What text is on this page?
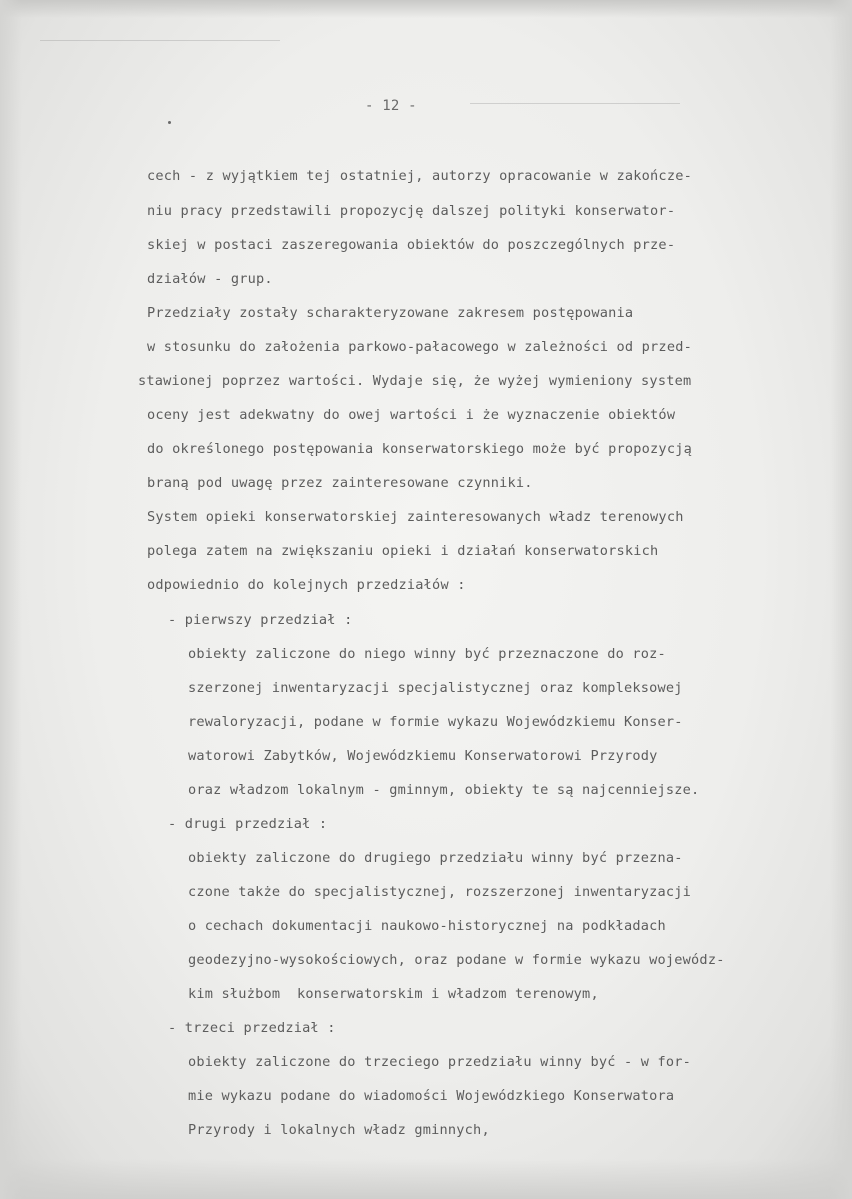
- 12 -
cech - z wyjątkiem tej ostatniej, autorzy opracowanie w zakończe-
niu pracy przedstawili propozycję dalszej polityki konserwator-
skiej w postaci zaszeregowania obiektów do poszczególnych prze-
działów - grup.
Przedziały zostały scharakteryzowane zakresem postępowania
w stosunku do założenia parkowo-pałacowego w zależności od przed-
stawionej poprzez wartości. Wydaje się, że wyżej wymieniony system
oceny jest adekwatny do owej wartości i że wyznaczenie obiektów
do określonego postępowania konserwatorskiego może być propozycją
braną pod uwagę przez zainteresowane czynniki.
System opieki konserwatorskiej zainteresowanych władz terenowych
polega zatem na zwiększaniu opieki i działań konserwatorskich
odpowiednio do kolejnych przedziałów :
- pierwszy przedział :
obiekty zaliczone do niego winny być przeznaczone do roz-
szerzonej inwentaryzacji specjalistycznej oraz kompleksowej
rewaloryzacji, podane w formie wykazu Wojewódzkiemu Konser-
watorowi Zabytków, Wojewódzkiemu Konserwatorowi Przyrody
oraz władzom lokalnym - gminnym, obiekty te są najcenniejsze.
- drugi przedział :
obiekty zaliczone do drugiego przedziału winny być przezna-
czone także do specjalistycznej, rozszerzonej inwentaryzacji
o cechach dokumentacji naukowo-historycznej na podkładach
geodezyjno-wysokościowych, oraz podane w formie wykazu wojewódz-
kim służbom  konserwatorskim i władzom terenowym,
- trzeci przedział :
obiekty zaliczone do trzeciego przedziału winny być - w for-
mie wykazu podane do wiadomości Wojewódzkiego Konserwatora
Przyrody i lokalnych władz gminnych,
